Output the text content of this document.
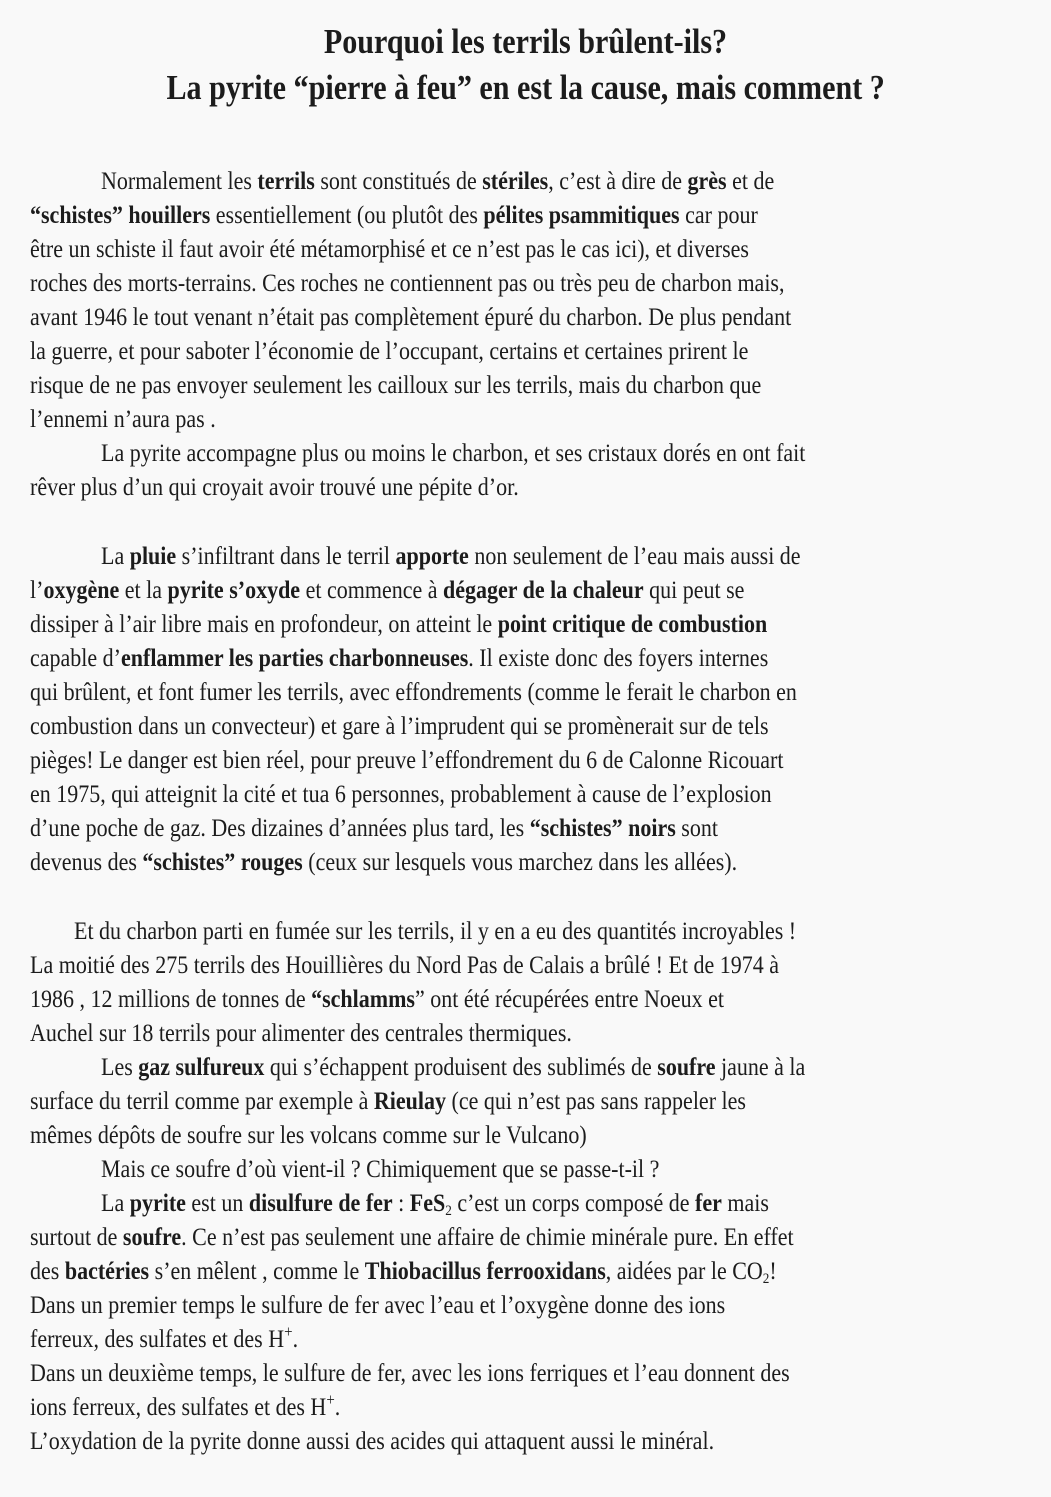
Pourquoi les terrils brûlent-ils?
La pyrite “pierre à feu” en est la cause, mais comment ?
Normalement les terrils sont constitués de stériles, c’est à dire de grès et de
“schistes” houillers essentiellement (ou plutôt des pélites psammitiques car pour
être un schiste il faut avoir été métamorphisé et ce n’est pas le cas ici), et diverses
roches des morts-terrains. Ces roches ne contiennent pas ou très peu de charbon mais,
avant 1946 le tout venant n’était pas complètement épuré du charbon. De plus pendant
la guerre, et pour saboter l’économie de l’occupant, certains et certaines prirent le
risque de ne pas envoyer seulement les cailloux sur les terrils, mais du charbon que
l’ennemi n’aura pas .
La pyrite accompagne plus ou moins le charbon, et ses cristaux dorés en ont fait
rêver plus d’un qui croyait avoir trouvé une pépite d’or.
La pluie s’infiltrant dans le terril apporte non seulement de l’eau mais aussi de
l’oxygène et la pyrite s’oxyde et commence à dégager de la chaleur qui peut se
dissiper à l’air libre mais en profondeur, on atteint le point critique de combustion
capable d’enflammer les parties charbonneuses. Il existe donc des foyers internes
qui brûlent, et font fumer les terrils, avec effondrements (comme le ferait le charbon en
combustion dans un convecteur) et gare à l’imprudent qui se promènerait sur de tels
pièges! Le danger est bien réel, pour preuve l’effondrement du 6 de Calonne Ricouart
en 1975, qui atteignit la cité et tua 6 personnes, probablement à cause de l’explosion
d’une poche de gaz. Des dizaines d’années plus tard, les “schistes” noirs sont
devenus des “schistes” rouges (ceux sur lesquels vous marchez dans les allées).
Et du charbon parti en fumée sur les terrils, il y en a eu des quantités incroyables !
La moitié des 275 terrils des Houillières du Nord Pas de Calais a brûlé ! Et de 1974 à
1986 , 12 millions de tonnes de “schlamms” ont été récupérées entre Noeux et
Auchel sur 18 terrils pour alimenter des centrales thermiques.
Les gaz sulfureux qui s’échappent produisent des sublimés de soufre jaune à la
surface du terril comme par exemple à Rieulay (ce qui n’est pas sans rappeler les
mêmes dépôts de soufre sur les volcans comme sur le Vulcano)
Mais ce soufre d’où vient-il ? Chimiquement que se passe-t-il ?
La pyrite est un disulfure de fer : FeS$_2$ c’est un corps composé de fer mais
surtout de soufre. Ce n’est pas seulement une affaire de chimie minérale pure. En effet
des bactéries s’en mêlent , comme le Thiobacillus ferrooxidans, aidées par le $CO_2$!
Dans un premier temps le sulfure de fer avec l’eau et l’oxygène donne des ions
ferreux, des sulfates et des H+.
Dans un deuxième temps, le sulfure de fer, avec les ions ferriques et l’eau donnent des
ions ferreux, des sulfates et des H+.
L’oxydation de la pyrite donne aussi des acides qui attaquent aussi le minéral.
